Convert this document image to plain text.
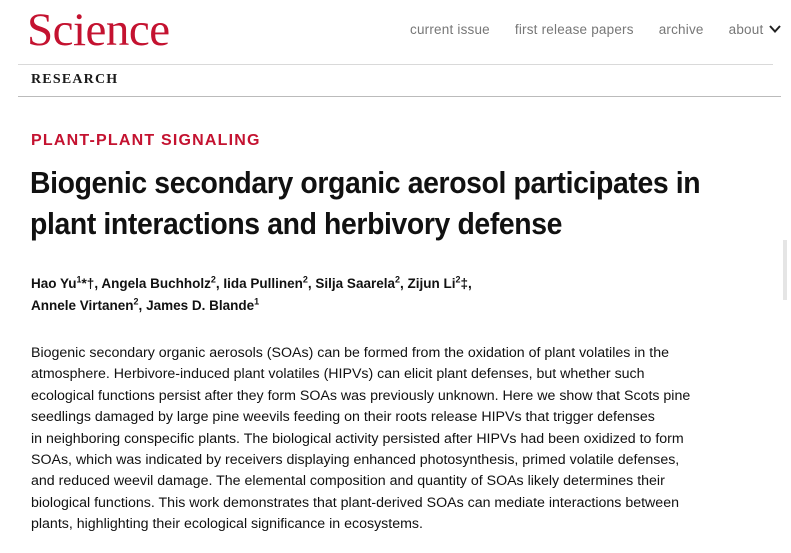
Science	current issue first release papers archive about
RESEARCH
PLANT-PLANT SIGNALING
Biogenic secondary organic aerosol participates in plant interactions and herbivory defense
Hao Yu$^1$*†, Angela Buchholz$^2$, Iida Pullinen$^2$, Silja Saarela$^2$, Zijun Li$^2$‡,
Annele Virtanen$^2$, James D. Blande$^1$
Biogenic secondary organic aerosols (SOAs) can be formed from the oxidation of plant volatiles in the
atmosphere. Herbivore-induced plant volatiles (HIPVs) can elicit plant defenses, but whether such
ecological functions persist after they form SOAs was previously unknown. Here we show that Scots pine
seedlings damaged by large pine weevils feeding on their roots release HIPVs that trigger defenses
in neighboring conspecific plants. The biological activity persisted after HIPVs had been oxidized to form
SOAs, which was indicated by receivers displaying enhanced photosynthesis, primed volatile defenses,
and reduced weevil damage. The elemental composition and quantity of SOAs likely determines their
biological functions. This work demonstrates that plant-derived SOAs can mediate interactions between
plants, highlighting their ecological significance in ecosystems.
